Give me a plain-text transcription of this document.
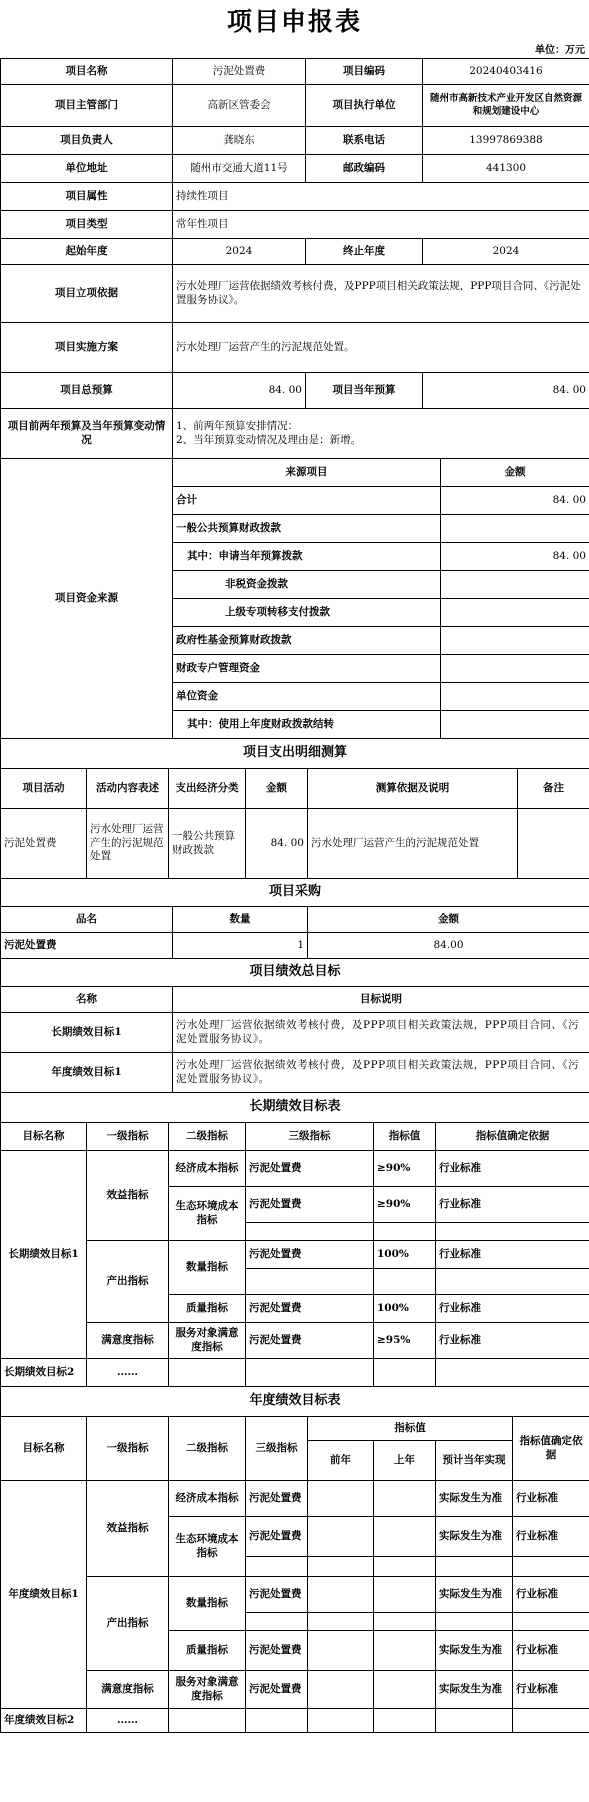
项目申报表
单位：万元
项目名称	污泥处置费	项目编码	20240403416
项目主管部门	高新区管委会	项目执行单位	随州市高新技术产业开发区自然资源和规划建设中心
项目负责人	龚晓东	联系电话	13997869388
单位地址	随州市交通大道11号	邮政编码	441300
项目属性	持续性项目		
项目类型	常年性项目		
起始年度	2024	终止年度	2024
项目立项依据	污水处理厂运营依据绩效考核付费，及PPP项目相关政策法规，PPP项目合同、《污泥处置服务协议》。		
项目实施方案	污水处理厂运营产生的污泥规范处置。		
项目总预算	84. 00	项目当年预算	84. 00
项目前两年预算及当年预算变动情况	1、前两年预算安排情况：
2、当年预算变动情况及理由是：新增。		
项目资金来源	来源项目	金额
	合计	84. 00
	一般公共预算财政拨款	
	其中：申请当年预算拨款	84. 00
	非税资金拨款	
	上级专项转移支付拨款	
	政府性基金预算财政拨款	
	财政专户管理资金	
	单位资金	
	其中：使用上年度财政拨款结转	
项目支出明细测算					
项目活动	活动内容表述	支出经济分类	金额	测算依据及说明	备注
污泥处置费	污水处理厂运营产生的污泥规范处置	一般公共预算财政拨款	84. 00	污水处理厂运营产生的污泥规范处置	
项目采购		
品名	数量	金额
污泥处置费	1	84.00
项目绩效总目标	
名称	目标说明
长期绩效目标1	污水处理厂运营依据绩效考核付费，及PPP项目相关政策法规，PPP项目合同、《污泥处置服务协议》。
年度绩效目标1	污水处理厂运营依据绩效考核付费，及PPP项目相关政策法规，PPP项目合同、《污泥处置服务协议》。
长期绩效目标表					
目标名称	一级指标	二级指标	三级指标	指标值	指标值确定依据
长期绩效目标1	效益指标	经济成本指标	污泥处置费	≥90%	行业标准
		生态环境成本指标	污泥处置费	≥90%	行业标准

	产出指标	数量指标	污泥处置费	100%	行业标准

		质量指标	污泥处置费	100%	行业标准
	满意度指标	服务对象满意度指标	污泥处置费	≥95%	行业标准
长期绩效目标2	……				
年度绩效目标表							
目标名称	一级指标	二级指标	三级指标	指标值			指标值确定依据
				前年	上年	预计当年实现	
年度绩效目标1	效益指标	经济成本指标	污泥处置费			实际发生为准	行业标准
		生态环境成本指标	污泥处置费			实际发生为准	行业标准

	产出指标	数量指标	污泥处置费			实际发生为准	行业标准

		质量指标	污泥处置费			实际发生为准	行业标准
	满意度指标	服务对象满意度指标	污泥处置费			实际发生为准	行业标准
年度绩效目标2	……						
